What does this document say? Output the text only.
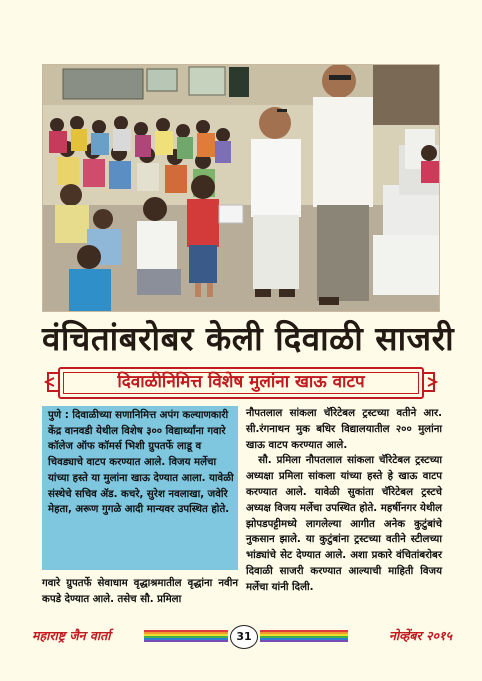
वंचितांबरोबर केली दिवाळी साजरी
दिवाळीनिमित्त विशेष मुलांना खाऊ वाटप
पुणे : दिवाळीच्या सणानिमित्त अपंग कल्याणकारी केंद्र वानवडी येथील विशेष ३०० विद्यार्थ्यांना गवारे कॉलेज ऑफ कॉमर्स भिशी ग्रुपतर्फे लाडू व चिवड्याचे वाटप करण्यात आले. विजय मर्लेचा यांच्या हस्ते या मुलांना खाऊ देण्यात आला. यावेळी संस्थेचे सचिव ॲड. कचरे, सुरेश नवलाखा, जवेरि मेहता, अरूण गुगळे आदी मान्यवर उपस्थित होते.
गवारे ग्रुपतर्फे सेवाधाम वृद्धाश्रमातील वृद्धांना नवीन कपडे देण्यात आले. तसेच सौ. प्रमिला

नौपतलाल सांकला चॅरिटेबल ट्रस्टच्या वतीने आर. सी.रंगनाथन मुक बधिर विद्यालयातील २०० मुलांना खाऊ वाटप करण्यात आले.

सौ. प्रमिला नौपतलाल सांकला चॅरिटेबल ट्रस्टच्या अध्यक्षा प्रमिला सांकला यांच्या हस्ते हे खाऊ वाटप करण्यात आले. यावेळी सुकांता चॅरिटेबल ट्रस्टचे अध्यक्ष विजय मर्लेचा उपस्थित होते. महर्षीनगर येथील झोपडपट्टीमध्ये लागलेल्या आगीत अनेक कुटुंबांचे नुकसान झाले. या कुटुंबांना ट्रस्टच्या वतीने स्टीलच्या भांड्यांचे सेट देण्यात आले. अशा प्रकारे वंचितांबरोबर दिवाळी साजरी करण्यात आल्याची माहिती विजय मर्लेचा यांनी दिली.

महाराष्ट्र जैन वार्ता	31	नोव्हेंबर २०१५
